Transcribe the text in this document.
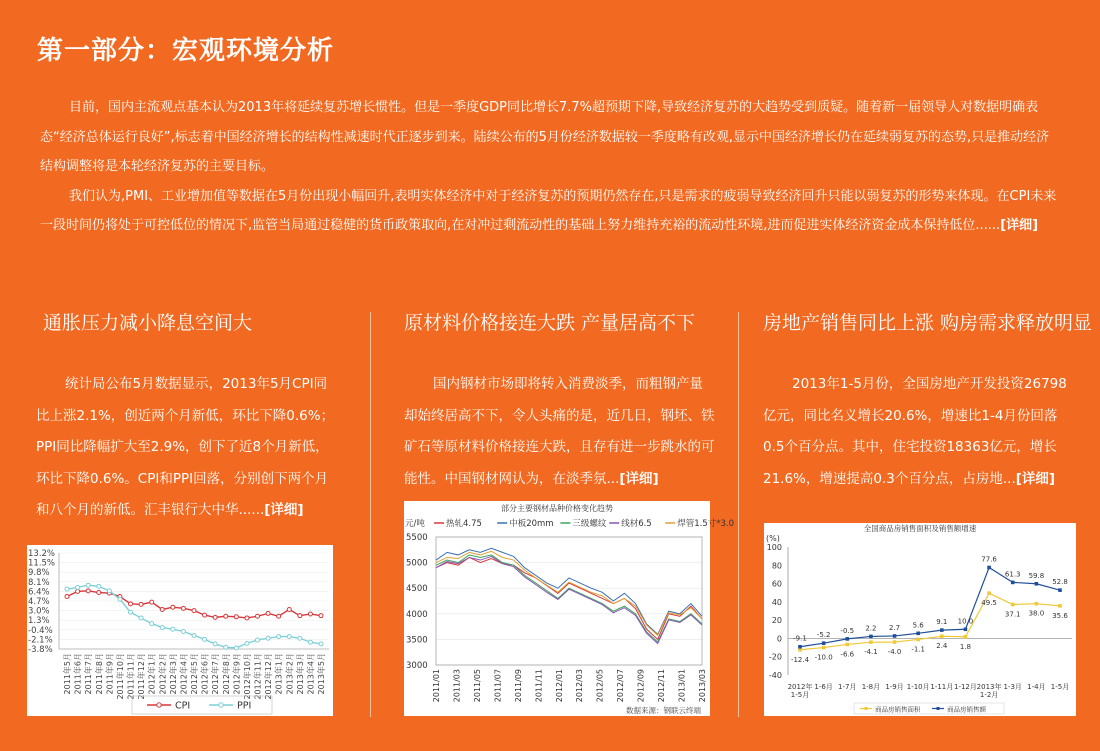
第一部分：宏观环境分析

目前，国内主流观点基本认为2013年将延续复苏增长惯性。但是一季度GDP同比增长7.7%超预期下降,导致经济复苏的大趋势受到质疑。随着新一届领导人对数据明确表态“经济总体运行良好”,标志着中国经济增长的结构性减速时代正逐步到来。陆续公布的5月份经济数据较一季度略有改观,显示中国经济增长仍在延续弱复苏的态势,只是推动经济结构调整将是本轮经济复苏的主要目标。

我们认为,PMI、工业增加值等数据在5月份出现小幅回升,表明实体经济中对于经济复苏的预期仍然存在,只是需求的疲弱导致经济回升只能以弱复苏的形势来体现。在CPI未来一段时间仍将处于可控低位的情况下,监管当局通过稳健的货币政策取向,在对冲过剩流动性的基础上努力维持充裕的流动性环境,进而促进实体经济资金成本保持低位......[详细]

通胀压力减小降息空间大

统计局公布5月数据显示，2013年5月CPI同比上涨2.1%，创近两个月新低，环比下降0.6%；PPI同比降幅扩大至2.9%，创下了近8个月新低，环比下降0.6%。CPI和PPI回落，分别创下两个月和八个月的新低。汇丰银行大中华......[详细]

13.2%
11.5%
9.8%
8.1%
6.4%
4.7%
3.0%
1.3%
-0.4%
-2.1%
-3.8%
2011年5月 2011年6月 2011年7月 2011年8月 2011年9月 2011年10月 2011年11月 2011年12月 2012年1月 2012年2月 2012年3月 2012年4月 2012年5月 2012年6月 2012年7月 2012年8月 2012年9月 2012年10月 2012年11月 2012年12月 2013年1月 2013年2月 2013年3月 2013年4月 2013年5月
CPI	PPI
原材料价格接连大跌 产量居高不下

国内钢材市场即将转入消费淡季，而粗钢产量却始终居高不下，令人头痛的是，近几日，钢坯、铁矿石等原材料价格接连大跌，且存有进一步跳水的可能性。中国钢材网认为，在淡季氛...[详细]

部分主要钢材品种价格变化趋势
元/吨 热轧4.75	中板20mm 三级螺纹 线材6.5	焊管1.5寸*3.0
5500
5000
4500
4000
3500
3000
2011/01 2011/03 2011/05 2011/07 2011/09 2011/11 2012/01 2012/03 2012/05 2012/07 2012/09 2012/11 2013/01 2013/03
数据来源：钢联云终端
房地产销售同比上涨 购房需求释放明显

2013年1-5月份，全国房地产开发投资26798亿元，同比名义增长20.6%，增速比1-4月份回落0.5个百分点。其中，住宅投资18363亿元，增长21.6%，增速提高0.3个百分点，占房地...[详细]

全国商品房销售面积及销售额增速
(%)
100
80
60
40
20
0
-20
-40
2012年
1-5月
1-6月 1-7月 1-8月 1-9月 1-10月 1-11月 1-12月 2013年
1-2月
1-3月 1-4月 1-5月
-12.4 -10.0 -6.6 -4.1 -4.0 -1.1 2.4 1.8
49.5
37.1 38.0 35.6
-9.1 -5.2
-0.5 2.2 2.7 5.6 9.1 10.0
77.6
61.3 59.8
52.8
商品房销售面积	商品房销售额
